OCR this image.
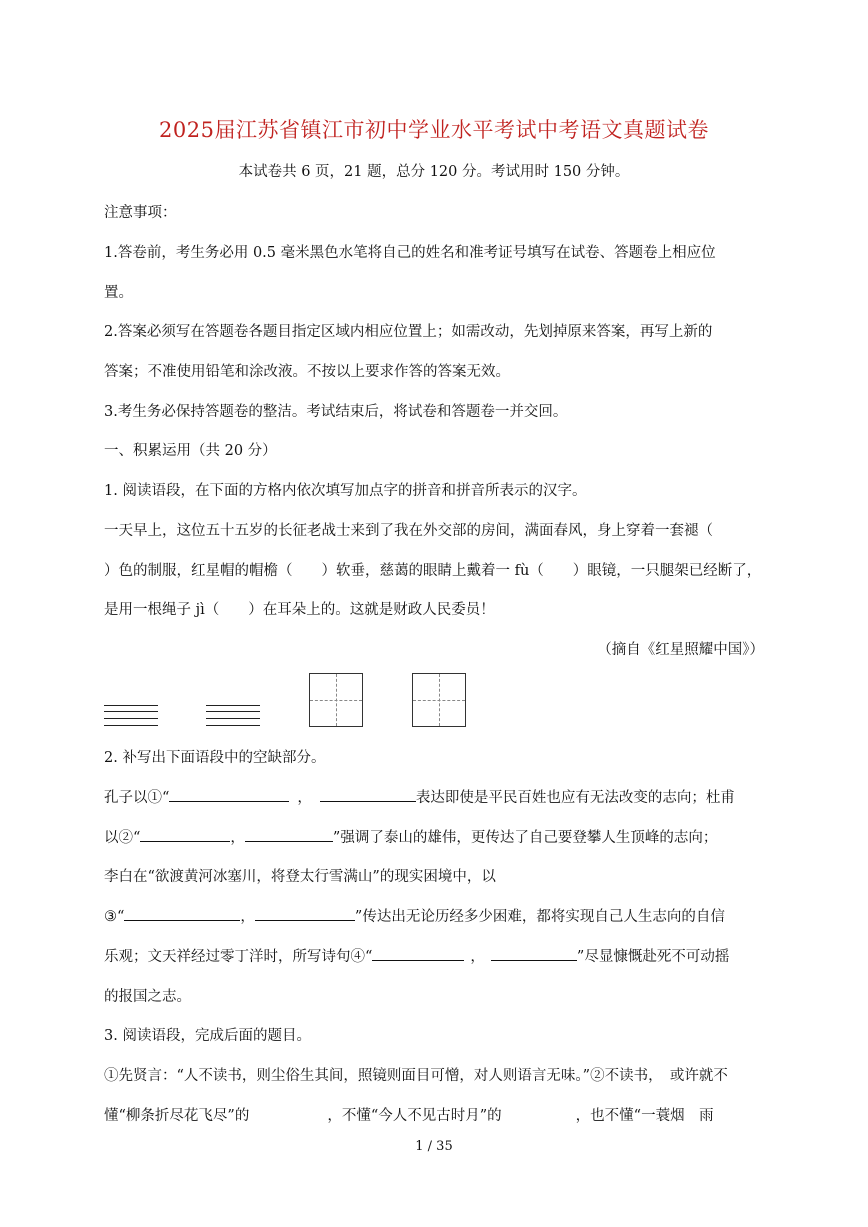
2025届江苏省镇江市初中学业水平考试中考语文真题试卷
本试卷共 6 页，21 题，总分 120 分。考试用时 150 分钟。
注意事项：
1.答卷前，考生务必用 0.5 毫米黑色水笔将自己的姓名和准考证号填写在试卷、答题卷上相应位
置。
2.答案必须写在答题卷各题目指定区域内相应位置上；如需改动，先划掉原来答案，再写上新的
答案；不准使用铅笔和涂改液。不按以上要求作答的答案无效。
3.考生务必保持答题卷的整洁。考试结束后，将试卷和答题卷一并交回。
一、积累运用（共 20 分）
1. 阅读语段，在下面的方格内依次填写加点字的拼音和拼音所表示的汉字。
一天早上，这位五十五岁的长征老战士来到了我在外交部的房间，满面春风，身上穿着一套褪（
）色的制服，红星帽的帽檐（　　）软垂，慈蔼的眼睛上戴着一 fù（　　）眼镜，一只腿架已经断了，
是用一根绳子 jì（　　）在耳朵上的。这就是财政人民委员！
（摘自《红星照耀中国》）
2. 补写出下面语段中的空缺部分。
孔子以①“	，	表达即使是平民百姓也应有无法改变的志向；杜甫
以②“	，	”强调了泰山的雄伟，更传达了自己要登攀人生顶峰的志向；
李白在“欲渡黄河冰塞川，将登太行雪满山”的现实困境中，以
③“	，	”传达出无论历经多少困难，都将实现自己人生志向的自信
乐观；文天祥经过零丁洋时，所写诗句④“	，	”尽显慷慨赴死不可动摇
的报国之志。
3. 阅读语段，完成后面的题目。
①先贤言：“人不读书，则尘俗生其间，照镜则面目可憎，对人则语言无味。”②不读书，　或许就不
懂“柳条折尽花飞尽”的	，不懂“今人不见古时月”的	，也不懂“一蓑烟　雨
1 / 35
